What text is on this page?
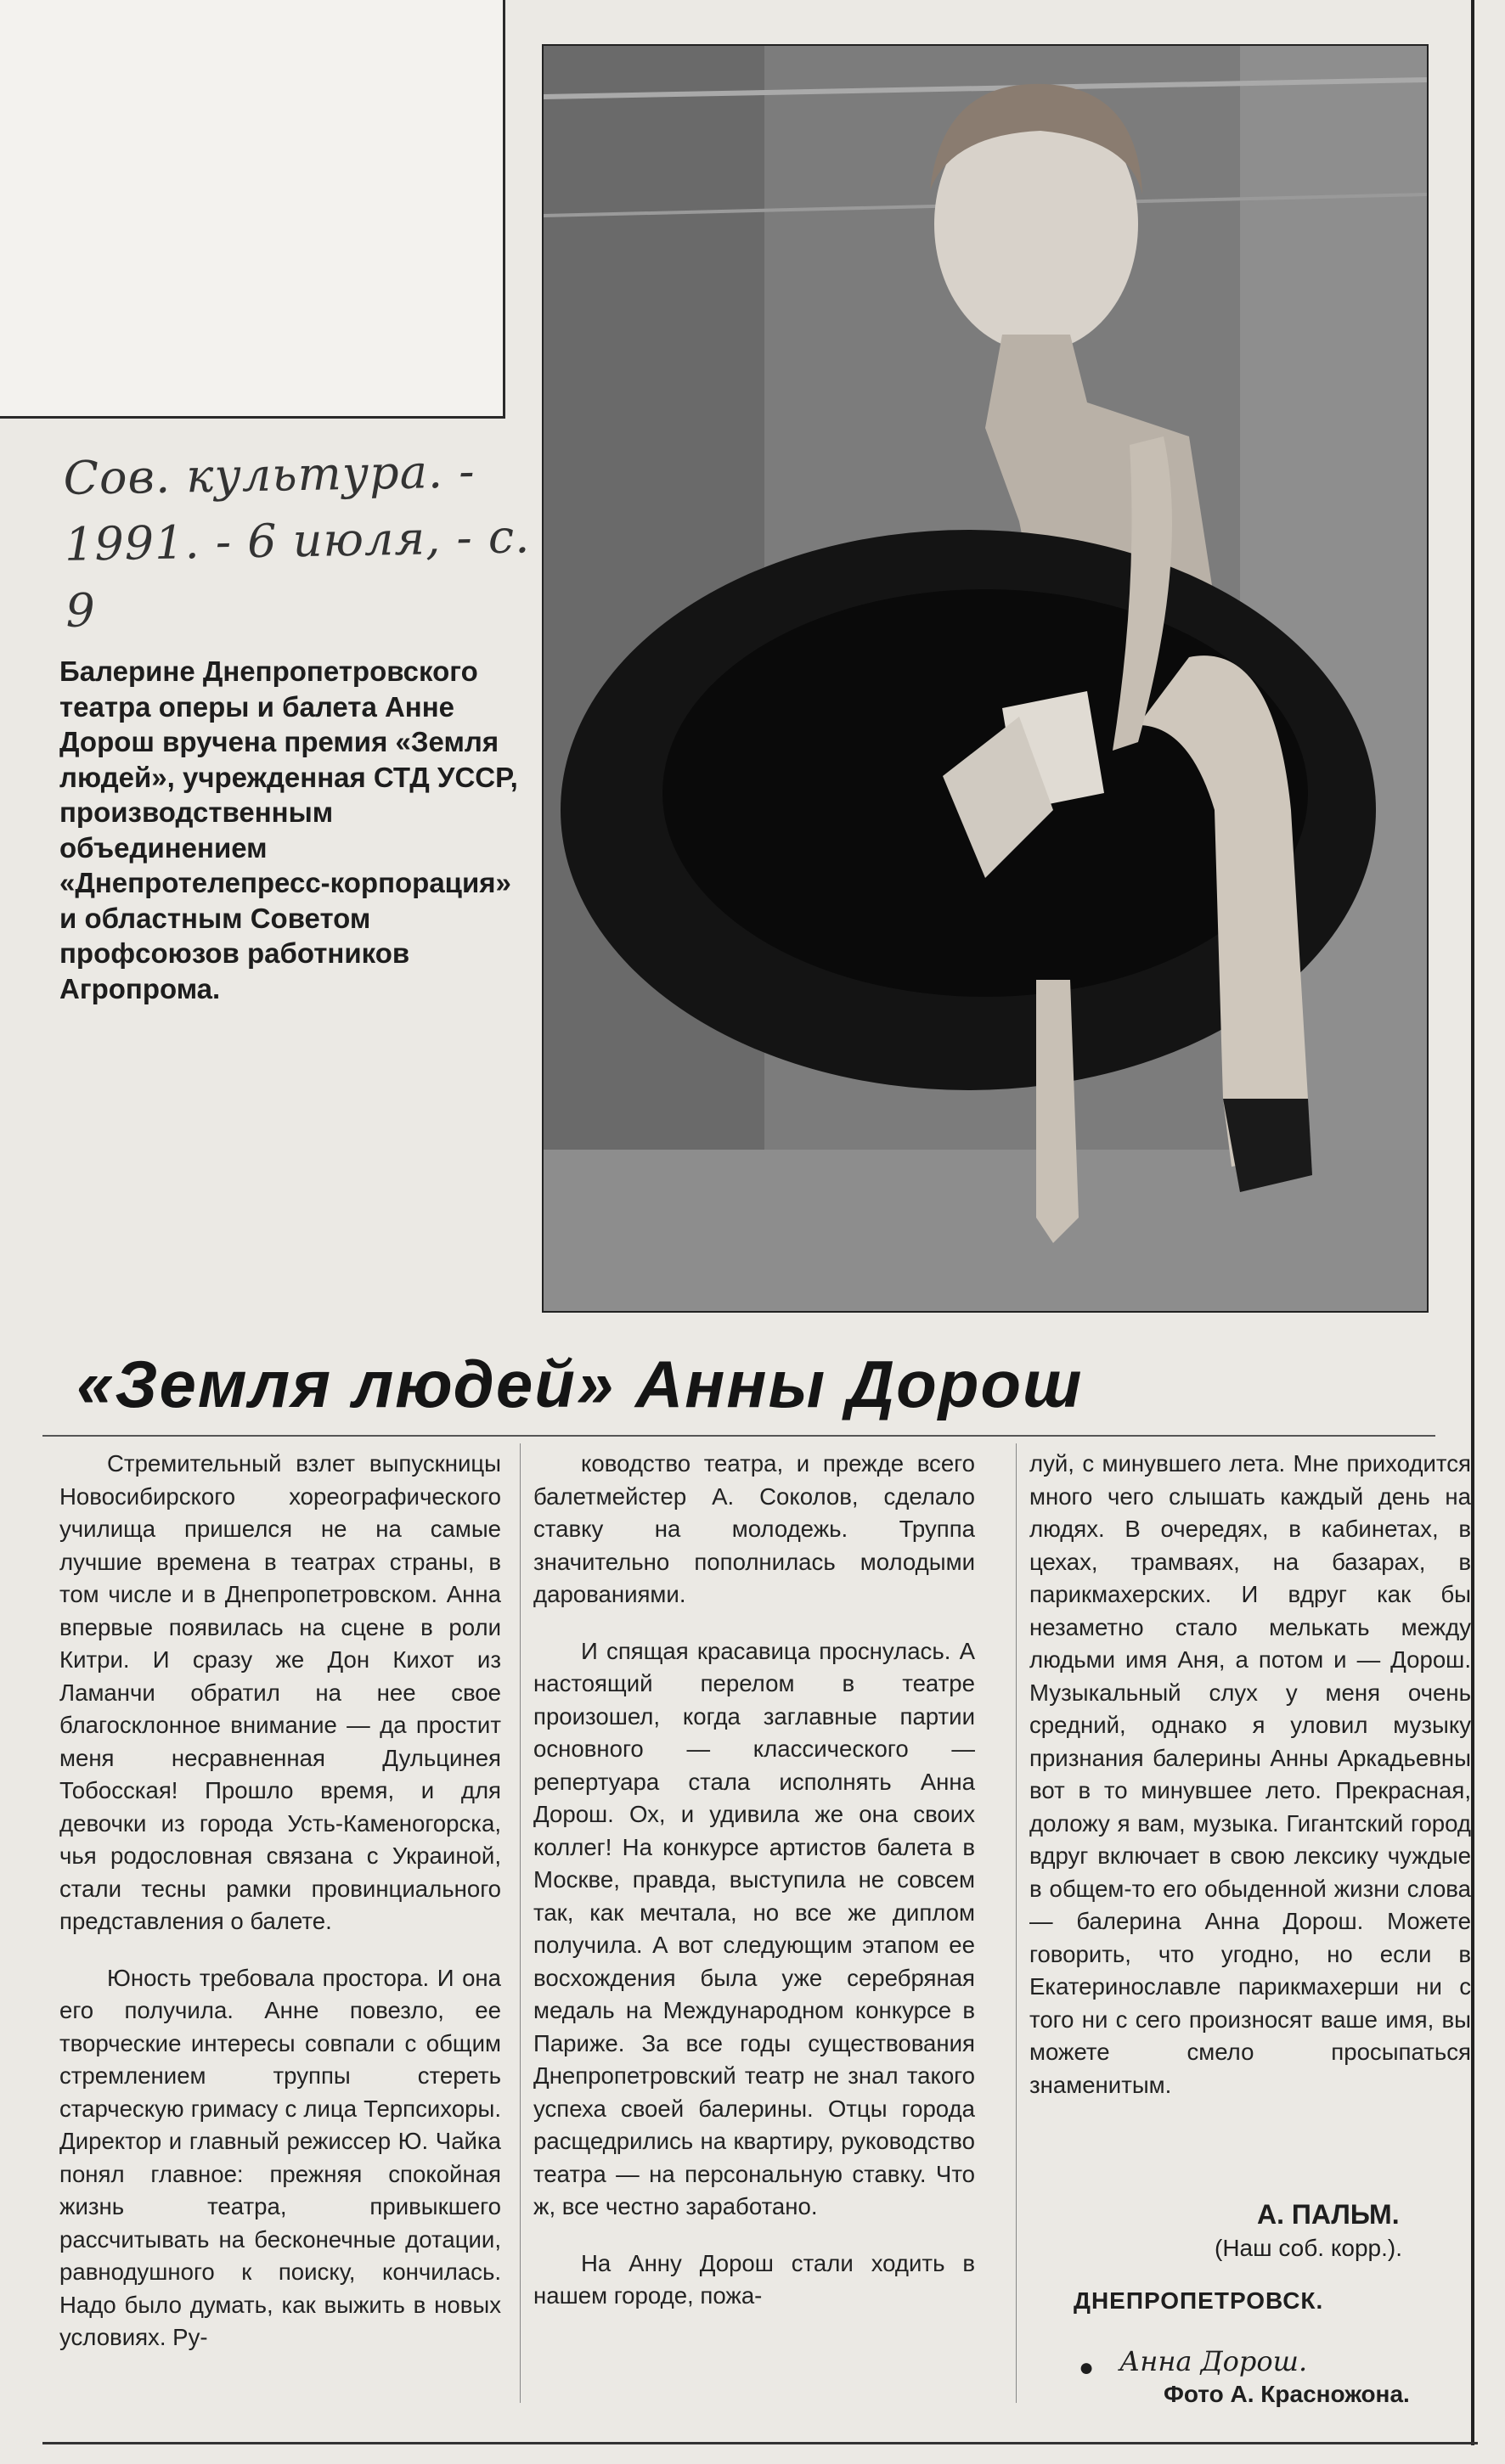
Сов. культура. -
1991. - 6 июля, - с. 9
Балерине Днепропетровского театра оперы и балета Анне Дорош вручена премия «Земля людей», учрежденная СТД УССР, производственным объединением «Днепротелепресс-корпорация» и областным Советом профсоюзов работников Агропрома.
«Земля людей» Анны Дорош

Стремительный взлет выпускницы Новосибирского хореографического училища пришелся не на самые лучшие времена в театрах страны, в том числе и в Днепропетровском. Анна впервые появилась на сцене в роли Китри. И сразу же Дон Кихот из Ламанчи обратил на нее свое благосклонное внимание — да простит меня несравненная Дульцинея Тобосская! Прошло время, и для девочки из города Усть-Каменогорска, чья родословная связана с Украиной, стали тесны рамки провинциального представления о балете.

Юность требовала простора. И она его получила. Анне повезло, ее творческие интересы совпали с общим стремлением труппы стереть старческую гримасу с лица Терпсихоры. Директор и главный режиссер Ю. Чайка понял главное: прежняя спокойная жизнь театра, привыкшего рассчитывать на бесконечные дотации, равнодушного к поиску, кончилась. Надо было думать, как выжить в новых условиях. Ру-

ководство театра, и прежде всего балетмейстер А. Соколов, сделало ставку на молодежь. Труппа значительно пополнилась молодыми дарованиями.

И спящая красавица проснулась. А настоящий перелом в театре произошел, когда заглавные партии основного — классического — репертуара стала исполнять Анна Дорош. Ох, и удивила же она своих коллег! На конкурсе артистов балета в Москве, правда, выступила не совсем так, как мечтала, но все же диплом получила. А вот следующим этапом ее восхождения была уже серебряная медаль на Международном конкурсе в Париже. За все годы существования Днепропетровский театр не знал такого успеха своей балерины. Отцы города расщедрились на квартиру, руководство театра — на персональную ставку. Что ж, все честно заработано.

На Анну Дорош стали ходить в нашем городе, пожа-

луй, с минувшего лета. Мне приходится много чего слышать каждый день на людях. В очередях, в кабинетах, в цехах, трамваях, на базарах, в парикмахерских. И вдруг как бы незаметно стало мелькать между людьми имя Аня, а потом и — Дорош. Музыкальный слух у меня очень средний, однако я уловил музыку признания балерины Анны Аркадьевны вот в то минувшее лето. Прекрасная, доложу я вам, музыка. Гигантский город вдруг включает в свою лексику чуждые в общем-то его обыденной жизни слова — балерина Анна Дорош. Можете говорить, что угодно, но если в Екатеринославле парикмахерши ни с того ни с сего произносят ваше имя, вы можете смело просыпаться знаменитым.

А. ПАЛЬМ.
(Наш соб. корр.).
ДНЕПРОПЕТРОВСК.
● Анна Дорош.
Фото А. Красножона.
